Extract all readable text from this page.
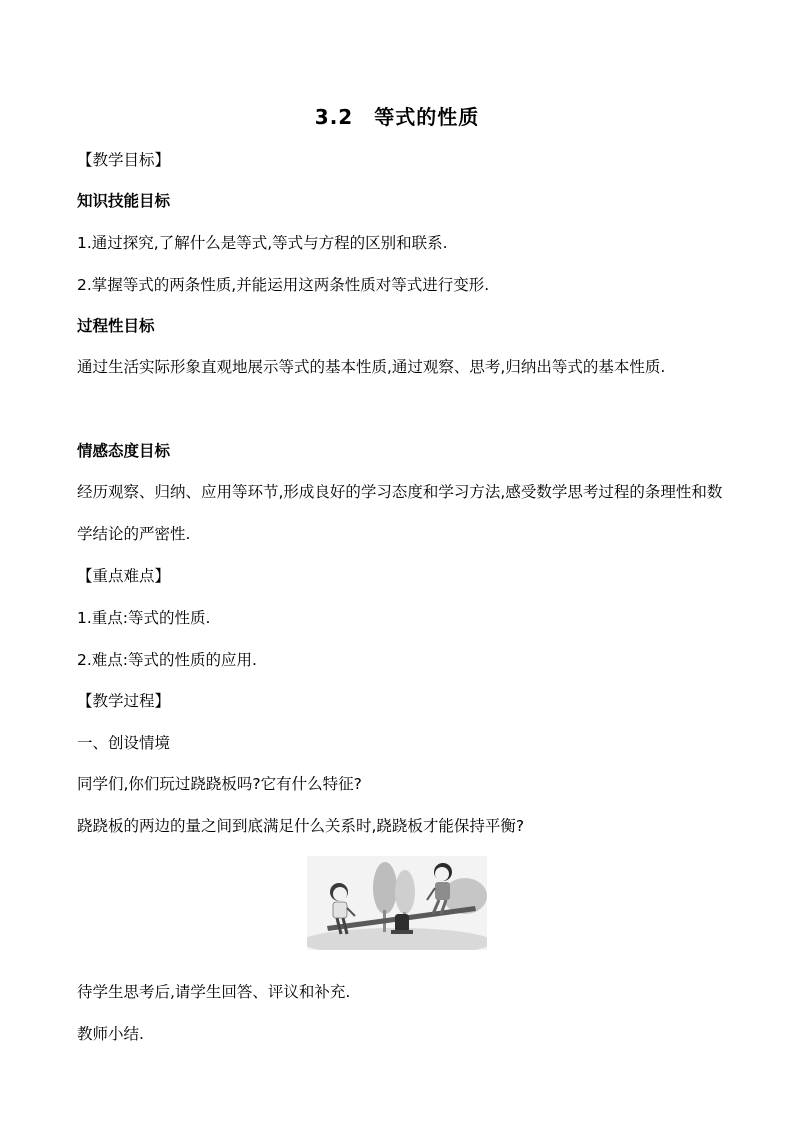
3.2　等式的性质
【教学目标】
知识技能目标
1.通过探究,了解什么是等式,等式与方程的区别和联系.
2.掌握等式的两条性质,并能运用这两条性质对等式进行变形.
过程性目标
通过生活实际形象直观地展示等式的基本性质,通过观察、思考,归纳出等式的基本性质.
情感态度目标
经历观察、归纳、应用等环节,形成良好的学习态度和学习方法,感受数学思考过程的条理性和数学结论的严密性.
【重点难点】
1.重点:等式的性质.
2.难点:等式的性质的应用.
【教学过程】
一、创设情境
同学们,你们玩过跷跷板吗?它有什么特征?
跷跷板的两边的量之间到底满足什么关系时,跷跷板才能保持平衡?
待学生思考后,请学生回答、评议和补充.
教师小结.
